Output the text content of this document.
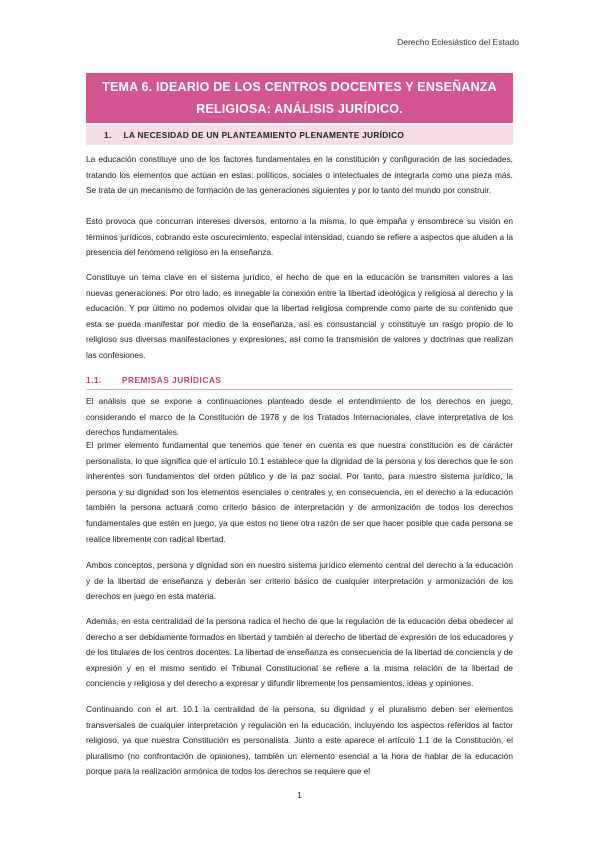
Derecho Eclesiástico del Estado
TEMA 6. IDEARIO DE LOS CENTROS DOCENTES Y ENSEÑANZA RELIGIOSA: ANÁLISIS JURÍDICO.
1. LA NECESIDAD DE UN PLANTEAMIENTO PLENAMENTE JURÍDICO

La educación constituye uno de los factores fundamentales en la constitución y configuración de las sociedades, tratando los elementos que actúan en estas: políticos, sociales o intelectuales de integrarla como una pieza más. Se trata de un mecanismo de formación de las generaciones siguientes y por lo tanto del mundo por construir.

Esto provoca que concurran intereses diversos, entorno a la misma, lo que empaña y ensombrece su visión en términos jurídicos, cobrando este oscurecimiento, especial intensidad, cuando se refiere a aspectos que aluden a la presencia del fenómeno religioso en la enseñanza.

Constituye un tema clave en el sistema jurídico, el hecho de que en la educación se transmiten valores a las nuevas generaciones. Por otro lado, es innegable la conexión entre la libertad ideológica y religiosa al derecho y la educación. Y por último no podemos olvidar que la libertad religiosa comprende como parte de su contenido que esta se pueda manifestar por medio de la enseñanza, así es consustancial y constituye un rasgo propio de lo religioso sus diversas manifestaciones y expresiones, así como la transmisión de valores y doctrinas que realizan las confesiones.

1.1. PREMISAS JURÍDICAS

El análisis que se expone a continuaciones planteado desde el entendimiento de los derechos en juego, considerando el marco de la Constitución de 1978 y de los Tratados Internacionales, clave interpretativa de los derechos fundamentales.

El primer elemento fundamental que tenemos que tener en cuenta es que nuestra constitución es de carácter personalista, lo que significa que el artículo 10.1 establece que la dignidad de la persona y los derechos que le son inherentes son fundamentos del orden público y de la paz social. Por tanto, para nuestro sistema jurídico, la persona y su dignidad son los elementos esenciales o centrales y, en consecuencia, en el derecho a la educación también la persona actuará como criterio básico de interpretación y de armonización de todos los derechos fundamentales que estén en juego, ya que estos no tiene otra razón de ser que hacer posible que cada persona se realice libremente con radical libertad.

Ambos conceptos, persona y dignidad son en nuestro sistema jurídico elemento central del derecho a la educación y de la libertad de enseñanza y deberán ser criterio básico de cualquier interpretación y armonización de los derechos en juego en esta materia.

Además, en esta centralidad de la persona radica el hecho de que la regulación de la educación deba obedecer al derecho a ser debidamente formados en libertad y también al derecho de libertad de expresión de los educadores y de los titulares de los centros docentes. La libertad de enseñanza es consecuencia de la libertad de conciencia y de expresión y en el mismo sentido el Tribunal Constitucional se refiere a la misma relación de la libertad de conciencia y religiosa y del derecho a expresar y difundir libremente los pensamientos, ideas y opiniones.

Continuando con el art. 10.1 la centralidad de la persona, su dignidad y el pluralismo deben ser elementos transversales de cualquier interpretación y regulación en la educación, incluyendo los aspectos referidos al factor religioso, ya que nuestra Constitución es personalista. Junto a este aparece el artículo 1.1 de la Constitución, el pluralismo (no confrontación de opiniones), también un elemento esencial a la hora de hablar de la educación porque para la realización armónica de todos los derechos se requiere que el

1
